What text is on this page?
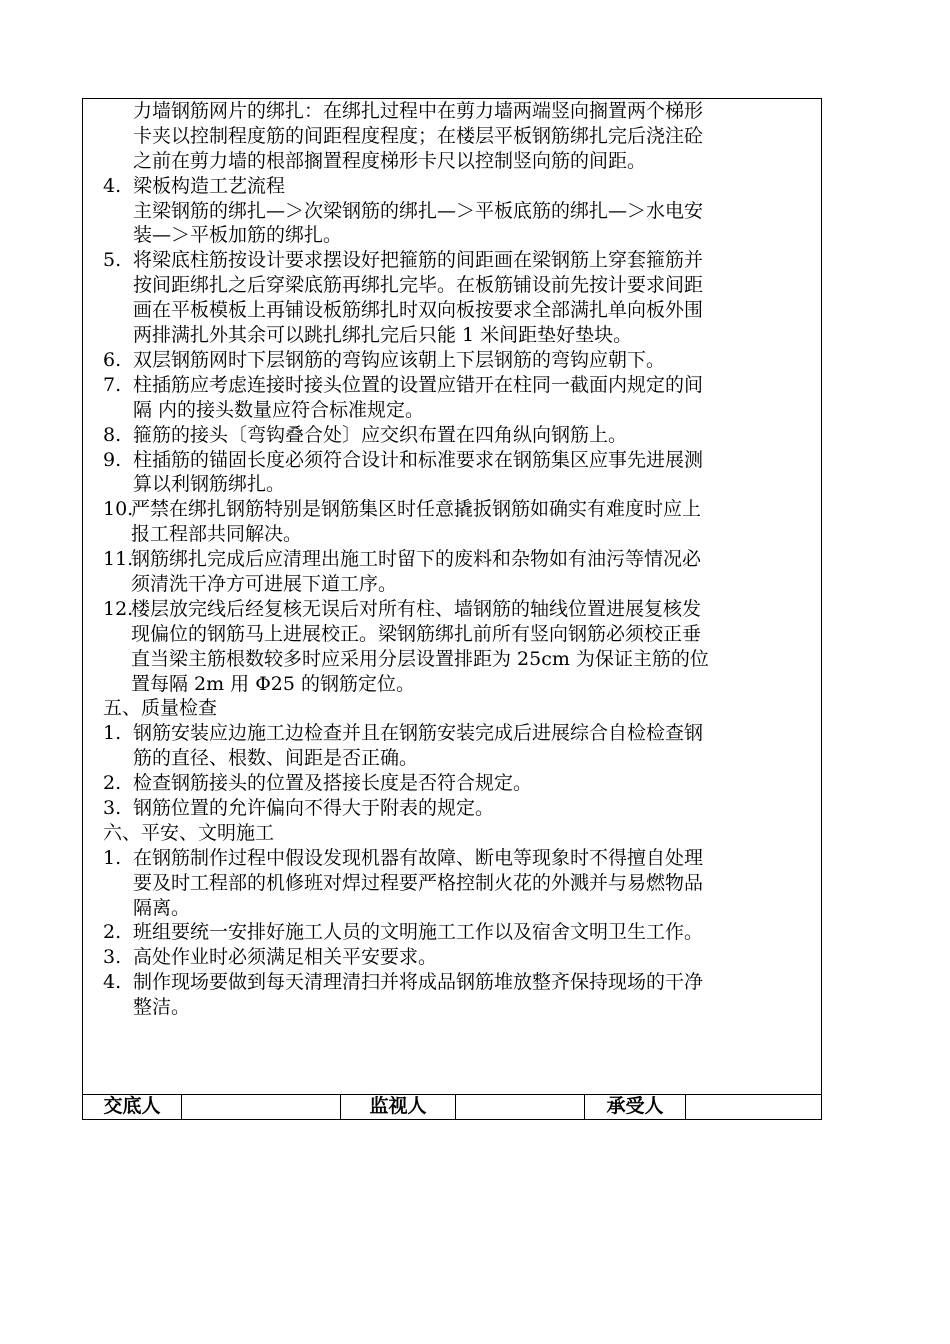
力墙钢筋网片的绑扎：在绑扎过程中在剪力墙两端竖向搁置两个梯形
卡夹以控制程度筋的间距程度程度；在楼层平板钢筋绑扎完后浇注砼
之前在剪力墙的根部搁置程度梯形卡尺以控制竖向筋的间距。
4. 梁板构造工艺流程
主梁钢筋的绑扎—＞次梁钢筋的绑扎—＞平板底筋的绑扎—＞水电安
装—＞平板加筋的绑扎。
5. 将梁底柱筋按设计要求摆设好把箍筋的间距画在梁钢筋上穿套箍筋并
按间距绑扎之后穿梁底筋再绑扎完毕。在板筋铺设前先按计要求间距
画在平板模板上再铺设板筋绑扎时双向板按要求全部满扎单向板外围
两排满扎外其余可以跳扎绑扎完后只能 1 米间距垫好垫块。
6. 双层钢筋网时下层钢筋的弯钩应该朝上下层钢筋的弯钩应朝下。
7. 柱插筋应考虑连接时接头位置的设置应错开在柱同一截面内规定的间
隔 内的接头数量应符合标准规定。
8. 箍筋的接头〔弯钩叠合处〕应交织布置在四角纵向钢筋上。
9. 柱插筋的锚固长度必须符合设计和标准要求在钢筋集区应事先进展测
算以利钢筋绑扎。
10.
严禁在绑扎钢筋特别是钢筋集区时任意撬扳钢筋如确实有难度时应上
报工程部共同解决。
11.
钢筋绑扎完成后应清理出施工时留下的废料和杂物如有油污等情况必
须清洗干净方可进展下道工序。
12.
楼层放完线后经复核无误后对所有柱、墙钢筋的轴线位置进展复核发
现偏位的钢筋马上进展校正。梁钢筋绑扎前所有竖向钢筋必须校正垂
直当梁主筋根数较多时应采用分层设置排距为 25cm 为保证主筋的位
置每隔 2m 用 Φ25 的钢筋定位。
五、质量检查
1. 钢筋安装应边施工边检查并且在钢筋安装完成后进展综合自检检查钢
筋的直径、根数、间距是否正确。
2. 检查钢筋接头的位置及搭接长度是否符合规定。
3. 钢筋位置的允许偏向不得大于附表的规定。
六、平安、文明施工
1. 在钢筋制作过程中假设发现机器有故障、断电等现象时不得擅自处理
要及时工程部的机修班对焊过程要严格控制火花的外溅并与易燃物品
隔离。
2. 班组要统一安排好施工人员的文明施工工作以及宿舍文明卫生工作。
3. 高处作业时必须满足相关平安要求。
4. 制作现场要做到每天清理清扫并将成品钢筋堆放整齐保持现场的干净
整洁。
交底人	监视人	承受人
